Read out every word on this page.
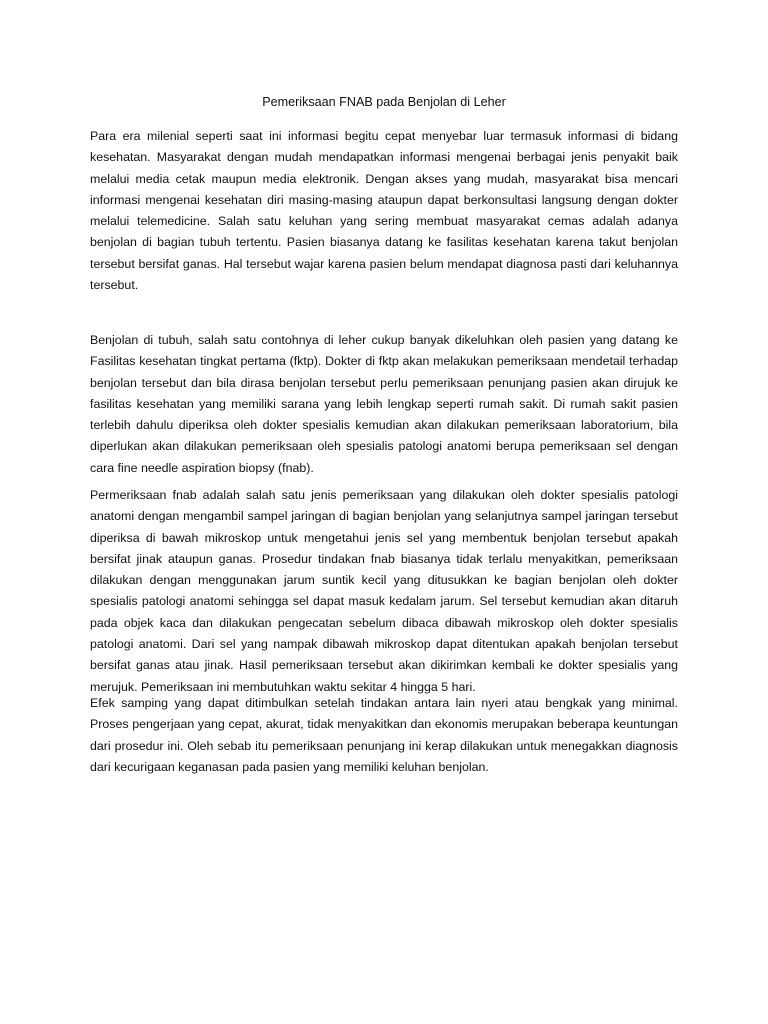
Pemeriksaan FNAB pada Benjolan di Leher

Para era milenial seperti saat ini informasi begitu cepat menyebar luar termasuk informasi di bidang kesehatan. Masyarakat dengan mudah mendapatkan informasi mengenai berbagai jenis penyakit baik melalui media cetak maupun media elektronik. Dengan akses yang mudah, masyarakat bisa mencari informasi mengenai kesehatan diri masing-masing ataupun dapat berkonsultasi langsung dengan dokter melalui telemedicine. Salah satu keluhan yang sering membuat masyarakat cemas adalah adanya benjolan di bagian tubuh tertentu. Pasien biasanya datang ke fasilitas kesehatan karena takut benjolan tersebut bersifat ganas. Hal tersebut wajar karena pasien belum mendapat diagnosa pasti dari keluhannya tersebut.

Benjolan di tubuh, salah satu contohnya di leher cukup banyak dikeluhkan oleh pasien yang datang ke Fasilitas kesehatan tingkat pertama (fktp). Dokter di fktp akan melakukan pemeriksaan mendetail terhadap benjolan tersebut dan bila dirasa benjolan tersebut perlu pemeriksaan penunjang pasien akan dirujuk ke fasilitas kesehatan yang memiliki sarana yang lebih lengkap seperti rumah sakit. Di rumah sakit pasien terlebih dahulu diperiksa oleh dokter spesialis kemudian akan dilakukan pemeriksaan laboratorium, bila diperlukan akan dilakukan pemeriksaan oleh spesialis patologi anatomi berupa pemeriksaan sel dengan cara fine needle aspiration biopsy (fnab).

Permeriksaan fnab adalah salah satu jenis pemeriksaan yang dilakukan oleh dokter spesialis patologi anatomi dengan mengambil sampel jaringan di bagian benjolan yang selanjutnya sampel jaringan tersebut diperiksa di bawah mikroskop untuk mengetahui jenis sel yang membentuk benjolan tersebut apakah bersifat jinak ataupun ganas. Prosedur tindakan fnab biasanya tidak terlalu menyakitkan, pemeriksaan dilakukan dengan menggunakan jarum suntik kecil yang ditusukkan ke bagian benjolan oleh dokter spesialis patologi anatomi sehingga sel dapat masuk kedalam jarum. Sel tersebut kemudian akan ditaruh pada objek kaca dan dilakukan pengecatan sebelum dibaca dibawah mikroskop oleh dokter spesialis patologi anatomi. Dari sel yang nampak dibawah mikroskop dapat ditentukan apakah benjolan tersebut bersifat ganas atau jinak. Hasil pemeriksaan tersebut akan dikirimkan kembali ke dokter spesialis yang merujuk. Pemeriksaan ini membutuhkan waktu sekitar 4 hingga 5 hari.

Efek samping yang dapat ditimbulkan setelah tindakan antara lain nyeri atau bengkak yang minimal. Proses pengerjaan yang cepat, akurat, tidak menyakitkan dan ekonomis merupakan beberapa keuntungan dari prosedur ini. Oleh sebab itu pemeriksaan penunjang ini kerap dilakukan untuk menegakkan diagnosis dari kecurigaan keganasan pada pasien yang memiliki keluhan benjolan.
